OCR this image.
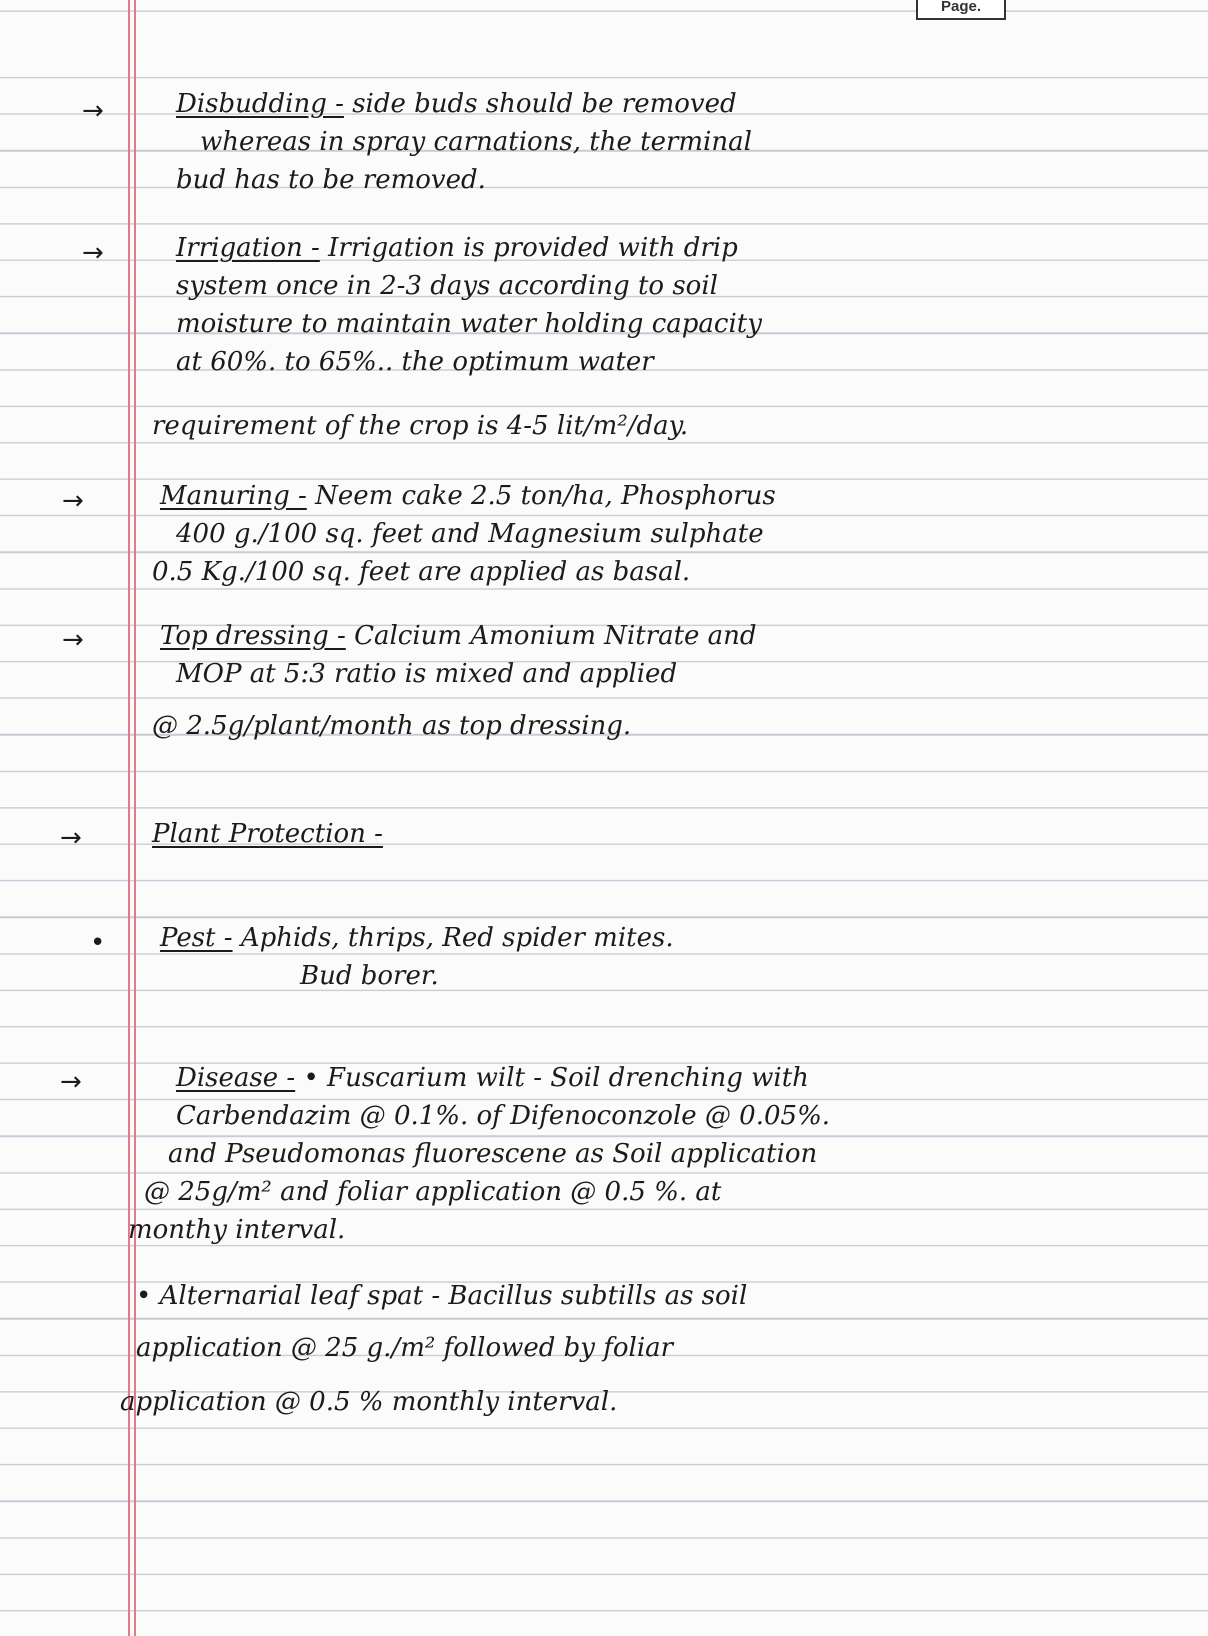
Page.
→
→
→
→
→
•
→
Disbudding - side buds should be removed
whereas in spray carnations, the terminal
bud has to be removed.
Irrigation - Irrigation is provided with drip
system once in 2-3 days according to soil
moisture to maintain water holding capacity
at 60%. to 65%.. the optimum water
requirement of the crop is 4-5 lit/m²/day.
Manuring - Neem cake 2.5 ton/ha, Phosphorus
400 g./100 sq. feet and Magnesium sulphate
0.5 Kg./100 sq. feet are applied as basal.
Top dressing - Calcium Amonium Nitrate and
MOP at 5:3 ratio is mixed and applied
@ 2.5g/plant/month as top dressing.
Plant Protection -
Pest - Aphids, thrips, Red spider mites.
Bud borer.
Disease - • Fuscarium wilt - Soil drenching with
Carbendazim @ 0.1%. of Difenoconzole @ 0.05%.
and Pseudomonas fluorescene as Soil application
@ 25g/m² and foliar application @ 0.5 %. at
monthy interval.
• Alternarial leaf spat - Bacillus subtills as soil
application @ 25 g./m² followed by foliar
application @ 0.5 % monthly interval.
